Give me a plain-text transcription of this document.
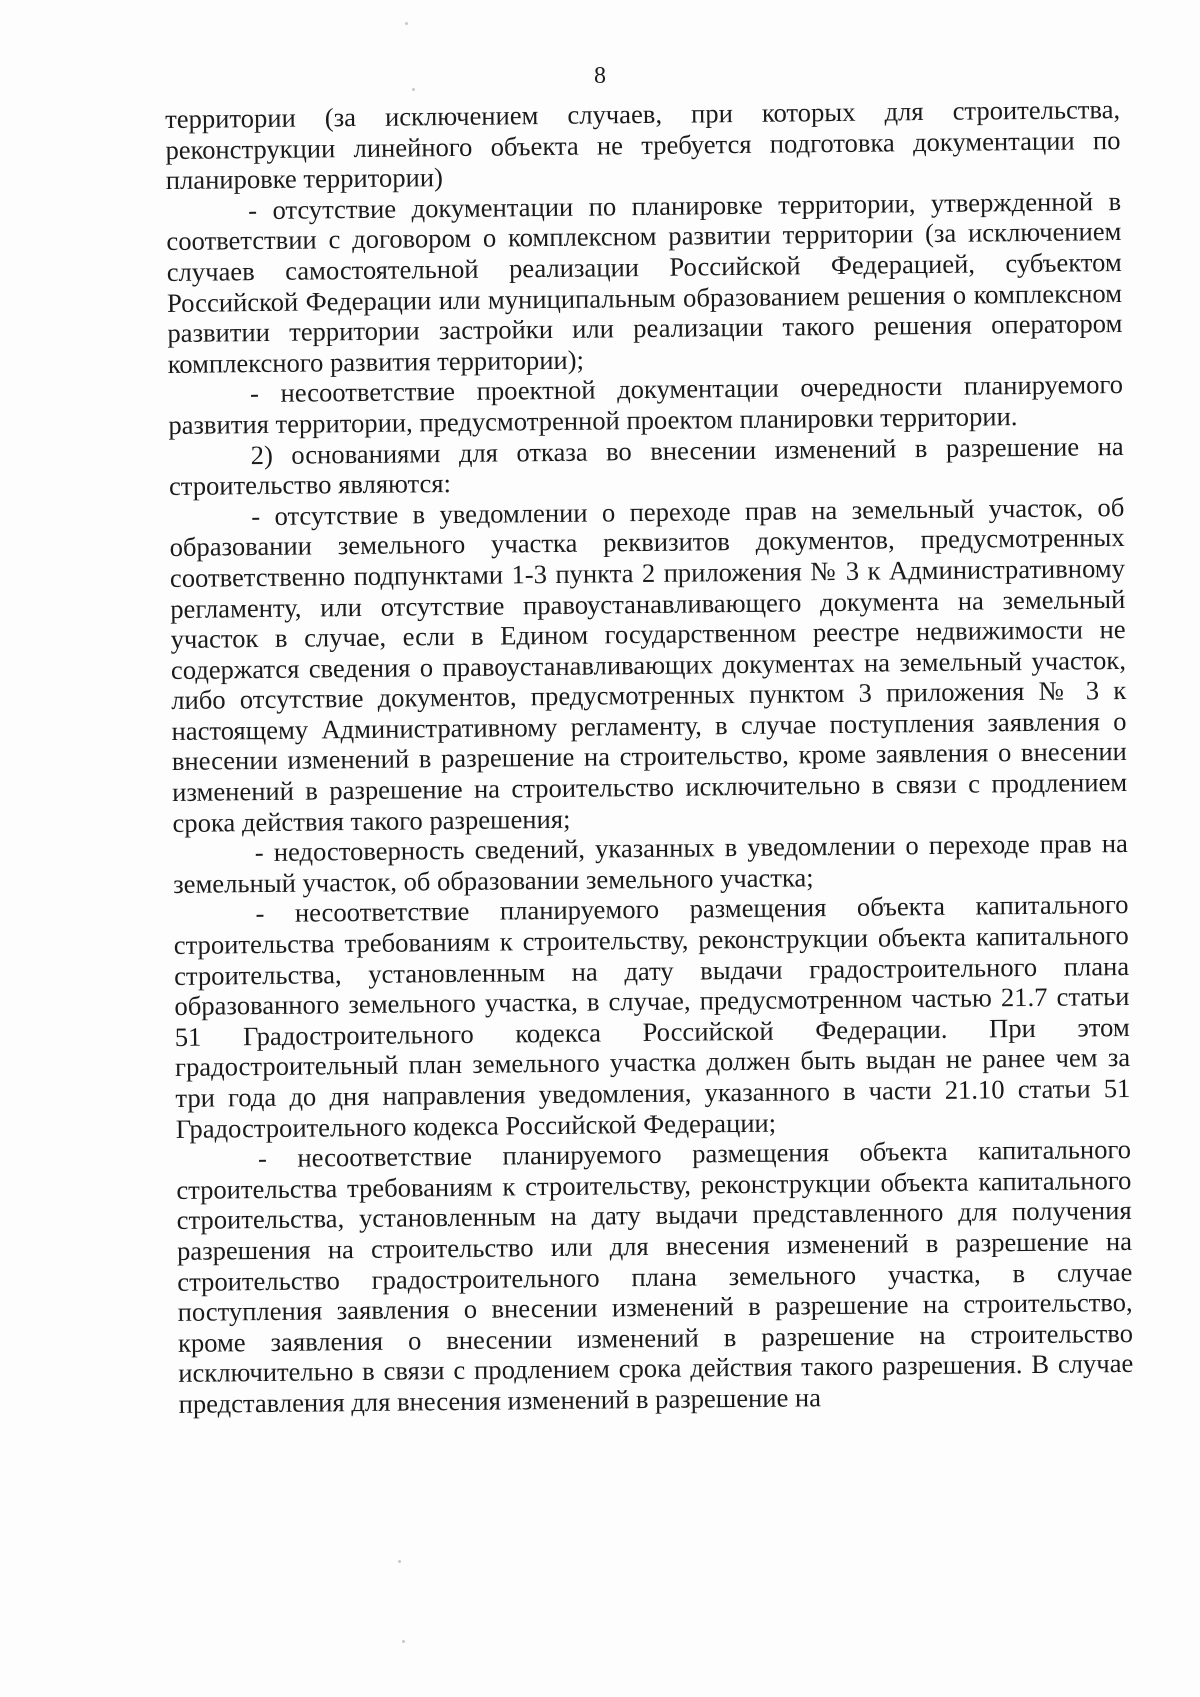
8

территории (за исключением случаев, при которых для строительства, реконструкции линейного объекта не требуется подготовка документации по планировке территории)

- отсутствие документации по планировке территории, утвержденной в соответствии с договором о комплексном развитии территории (за исключением случаев самостоятельной реализации Российской Федерацией, субъектом Российской Федерации или муниципальным образованием решения о комплексном развитии территории застройки или реализации такого решения оператором комплексного развития территории);

- несоответствие проектной документации очередности планируемого развития территории, предусмотренной проектом планировки территории.

2) основаниями для отказа во внесении изменений в разрешение на строительство являются:

- отсутствие в уведомлении о переходе прав на земельный участок, об образовании земельного участка реквизитов документов, предусмотренных соответственно подпунктами 1-3 пункта 2 приложения № 3 к Административному регламенту, или отсутствие правоустанавливающего документа на земельный участок в случае, если в Едином государственном реестре недвижимости не содержатся сведения о правоустанавливающих документах на земельный участок, либо отсутствие документов, предусмотренных пунктом 3 приложения № 3 к настоящему Административному регламенту, в случае поступления заявления о внесении изменений в разрешение на строительство, кроме заявления о внесении изменений в разрешение на строительство исключительно в связи с продлением срока действия такого разрешения;

- недостоверность сведений, указанных в уведомлении о переходе прав на земельный участок, об образовании земельного участка;

- несоответствие планируемого размещения объекта капитального строительства требованиям к строительству, реконструкции объекта капитального строительства, установленным на дату выдачи градостроительного плана образованного земельного участка, в случае, предусмотренном частью 21.7 статьи 51 Градостроительного кодекса Российской Федерации. При этом градостроительный план земельного участка должен быть выдан не ранее чем за три года до дня направления уведомления, указанного в части 21.10 статьи 51 Градостроительного кодекса Российской Федерации;

- несоответствие планируемого размещения объекта капитального строительства требованиям к строительству, реконструкции объекта капитального строительства, установленным на дату выдачи представленного для получения разрешения на строительство или для внесения изменений в разрешение на строительство градостроительного плана земельного участка, в случае поступления заявления о внесении изменений в разрешение на строительство, кроме заявления о внесении изменений в разрешение на строительство исключительно в связи с продлением срока действия такого разрешения. В случае представления для внесения изменений в разрешение на
